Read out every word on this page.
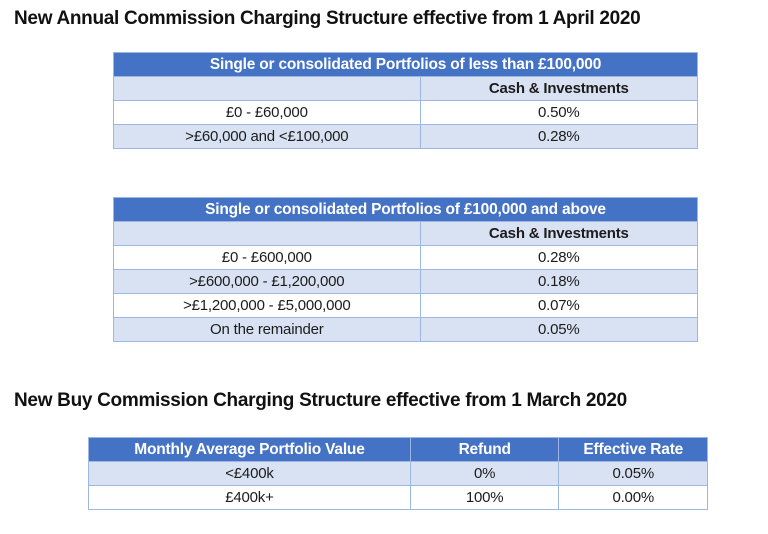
New Annual Commission Charging Structure effective from 1 April 2020
Single or consolidated Portfolios of less than £100,000	
	Cash & Investments
£0 - £60,000	0.50%
>£60,000 and <£100,000	0.28%
Single or consolidated Portfolios of £100,000 and above	
	Cash & Investments
£0 - £600,000	0.28%
>£600,000 - £1,200,000	0.18%
>£1,200,000 - £5,000,000	0.07%
On the remainder	0.05%
New Buy Commission Charging Structure effective from 1 March 2020
Monthly Average Portfolio Value	Refund	Effective Rate
<£400k	0%	0.05%
£400k+	100%	0.00%
